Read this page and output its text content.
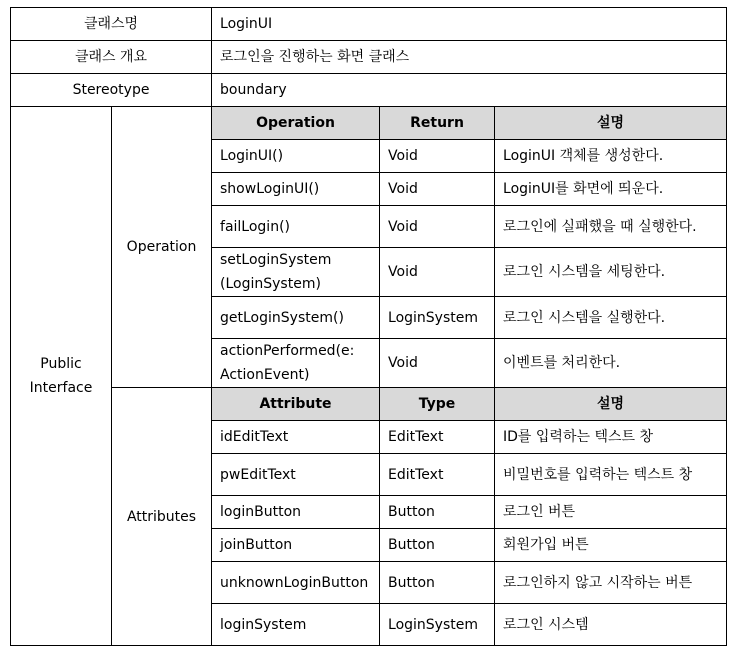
클래스명		LoginUI		
클래스 개요		로그인을 진행하는 화면 클래스		
Stereotype		boundary		
Public Interface	Operation	Operation	Return	설명
		LoginUI()	Void	LoginUI 객체를 생성한다.
		showLoginUI()	Void	LoginUI를 화면에 띄운다.
		failLogin()	Void	로그인에 실패했을 때 실행한다.
		setLoginSystem (LoginSystem)	Void	로그인 시스템을 세팅한다.
		getLoginSystem()	LoginSystem	로그인 시스템을 실행한다.
		actionPerformed(e: ActionEvent)	Void	이벤트를 처리한다.
	Attributes	Attribute	Type	설명
		idEditText	EditText	ID를 입력하는 텍스트 창
		pwEditText	EditText	비밀번호를 입력하는 텍스트 창
		loginButton	Button	로그인 버튼
		joinButton	Button	회원가입 버튼
		unknownLoginButton	Button	로그인하지 않고 시작하는 버튼
		loginSystem	LoginSystem	로그인 시스템
